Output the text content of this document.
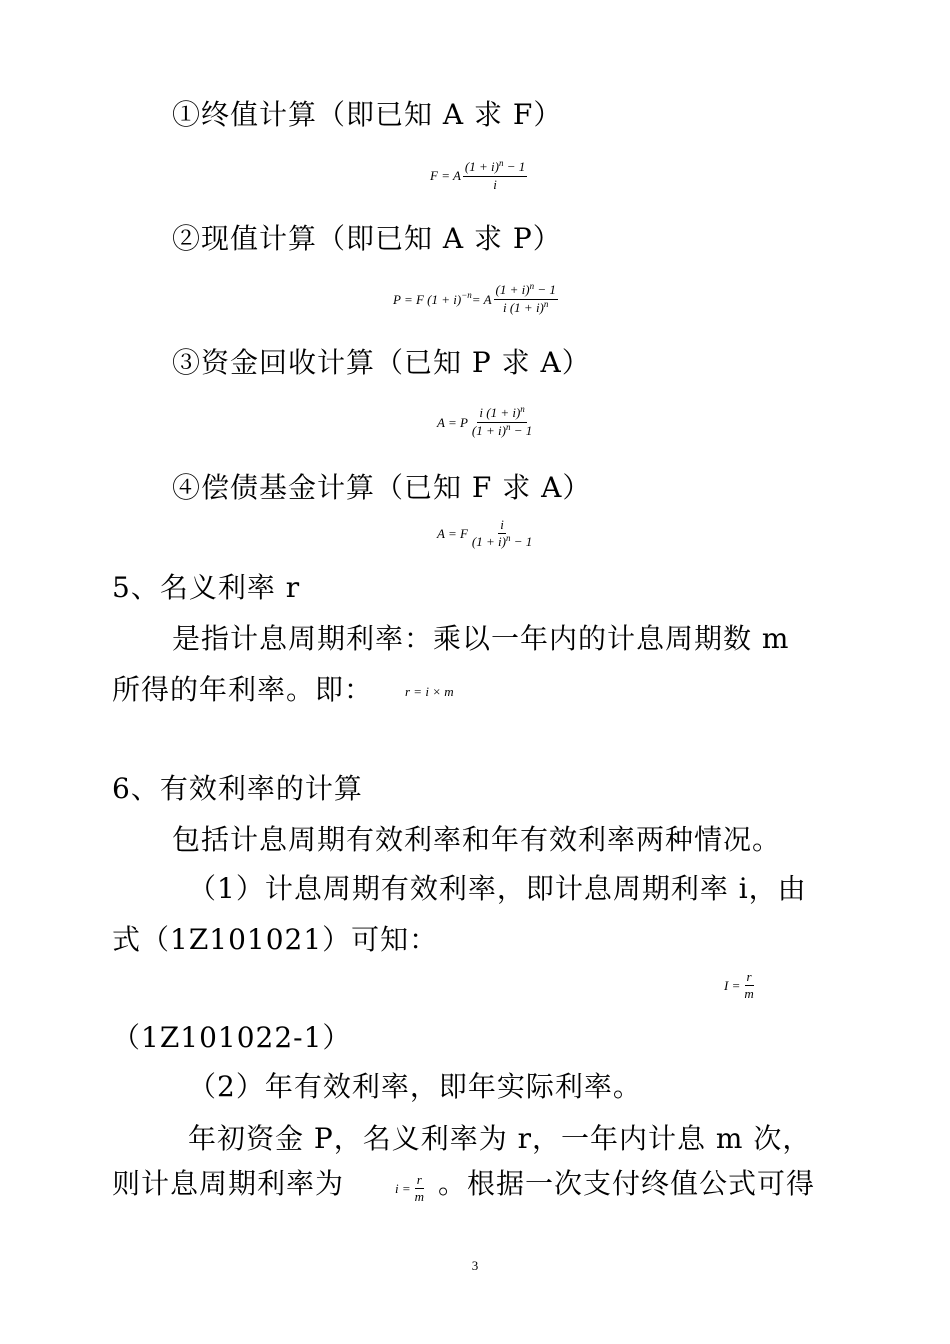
①终值计算（即已知 A 求 F）
F = A $\frac{(1 + i)^n - 1}{i}$
②现值计算（即已知 A 求 P）
P = F (1 + i) −n = A $\frac{(1 + i)^n - 1}{i (1 + i)^n}$
③资金回收计算（已知 P 求 A）
A = P $\frac{i (1 + i)^n}{(1 + i)^n - 1}$
④偿债基金计算（已知 F 求 A）
A = F $\frac{i}{(1 + i)^n - 1}$
5、名义利率 r
是指计息周期利率：乘以一年内的计息周期数 m
所得的年利率。即： r = i × m
6、有效利率的计算
包括计息周期有效利率和年有效利率两种情况。
（1）计息周期有效利率，即计息周期利率 i，由
式（1Z101021）可知：
$I = \frac{r}{m}$
（1Z101022-1）
（2）年有效利率，即年实际利率。
年初资金 P，名义利率为 r，一年内计息 m 次，
则计息周期利率为	$i = \frac{r}{m}$ 。根据一次支付终值公式可得
3
